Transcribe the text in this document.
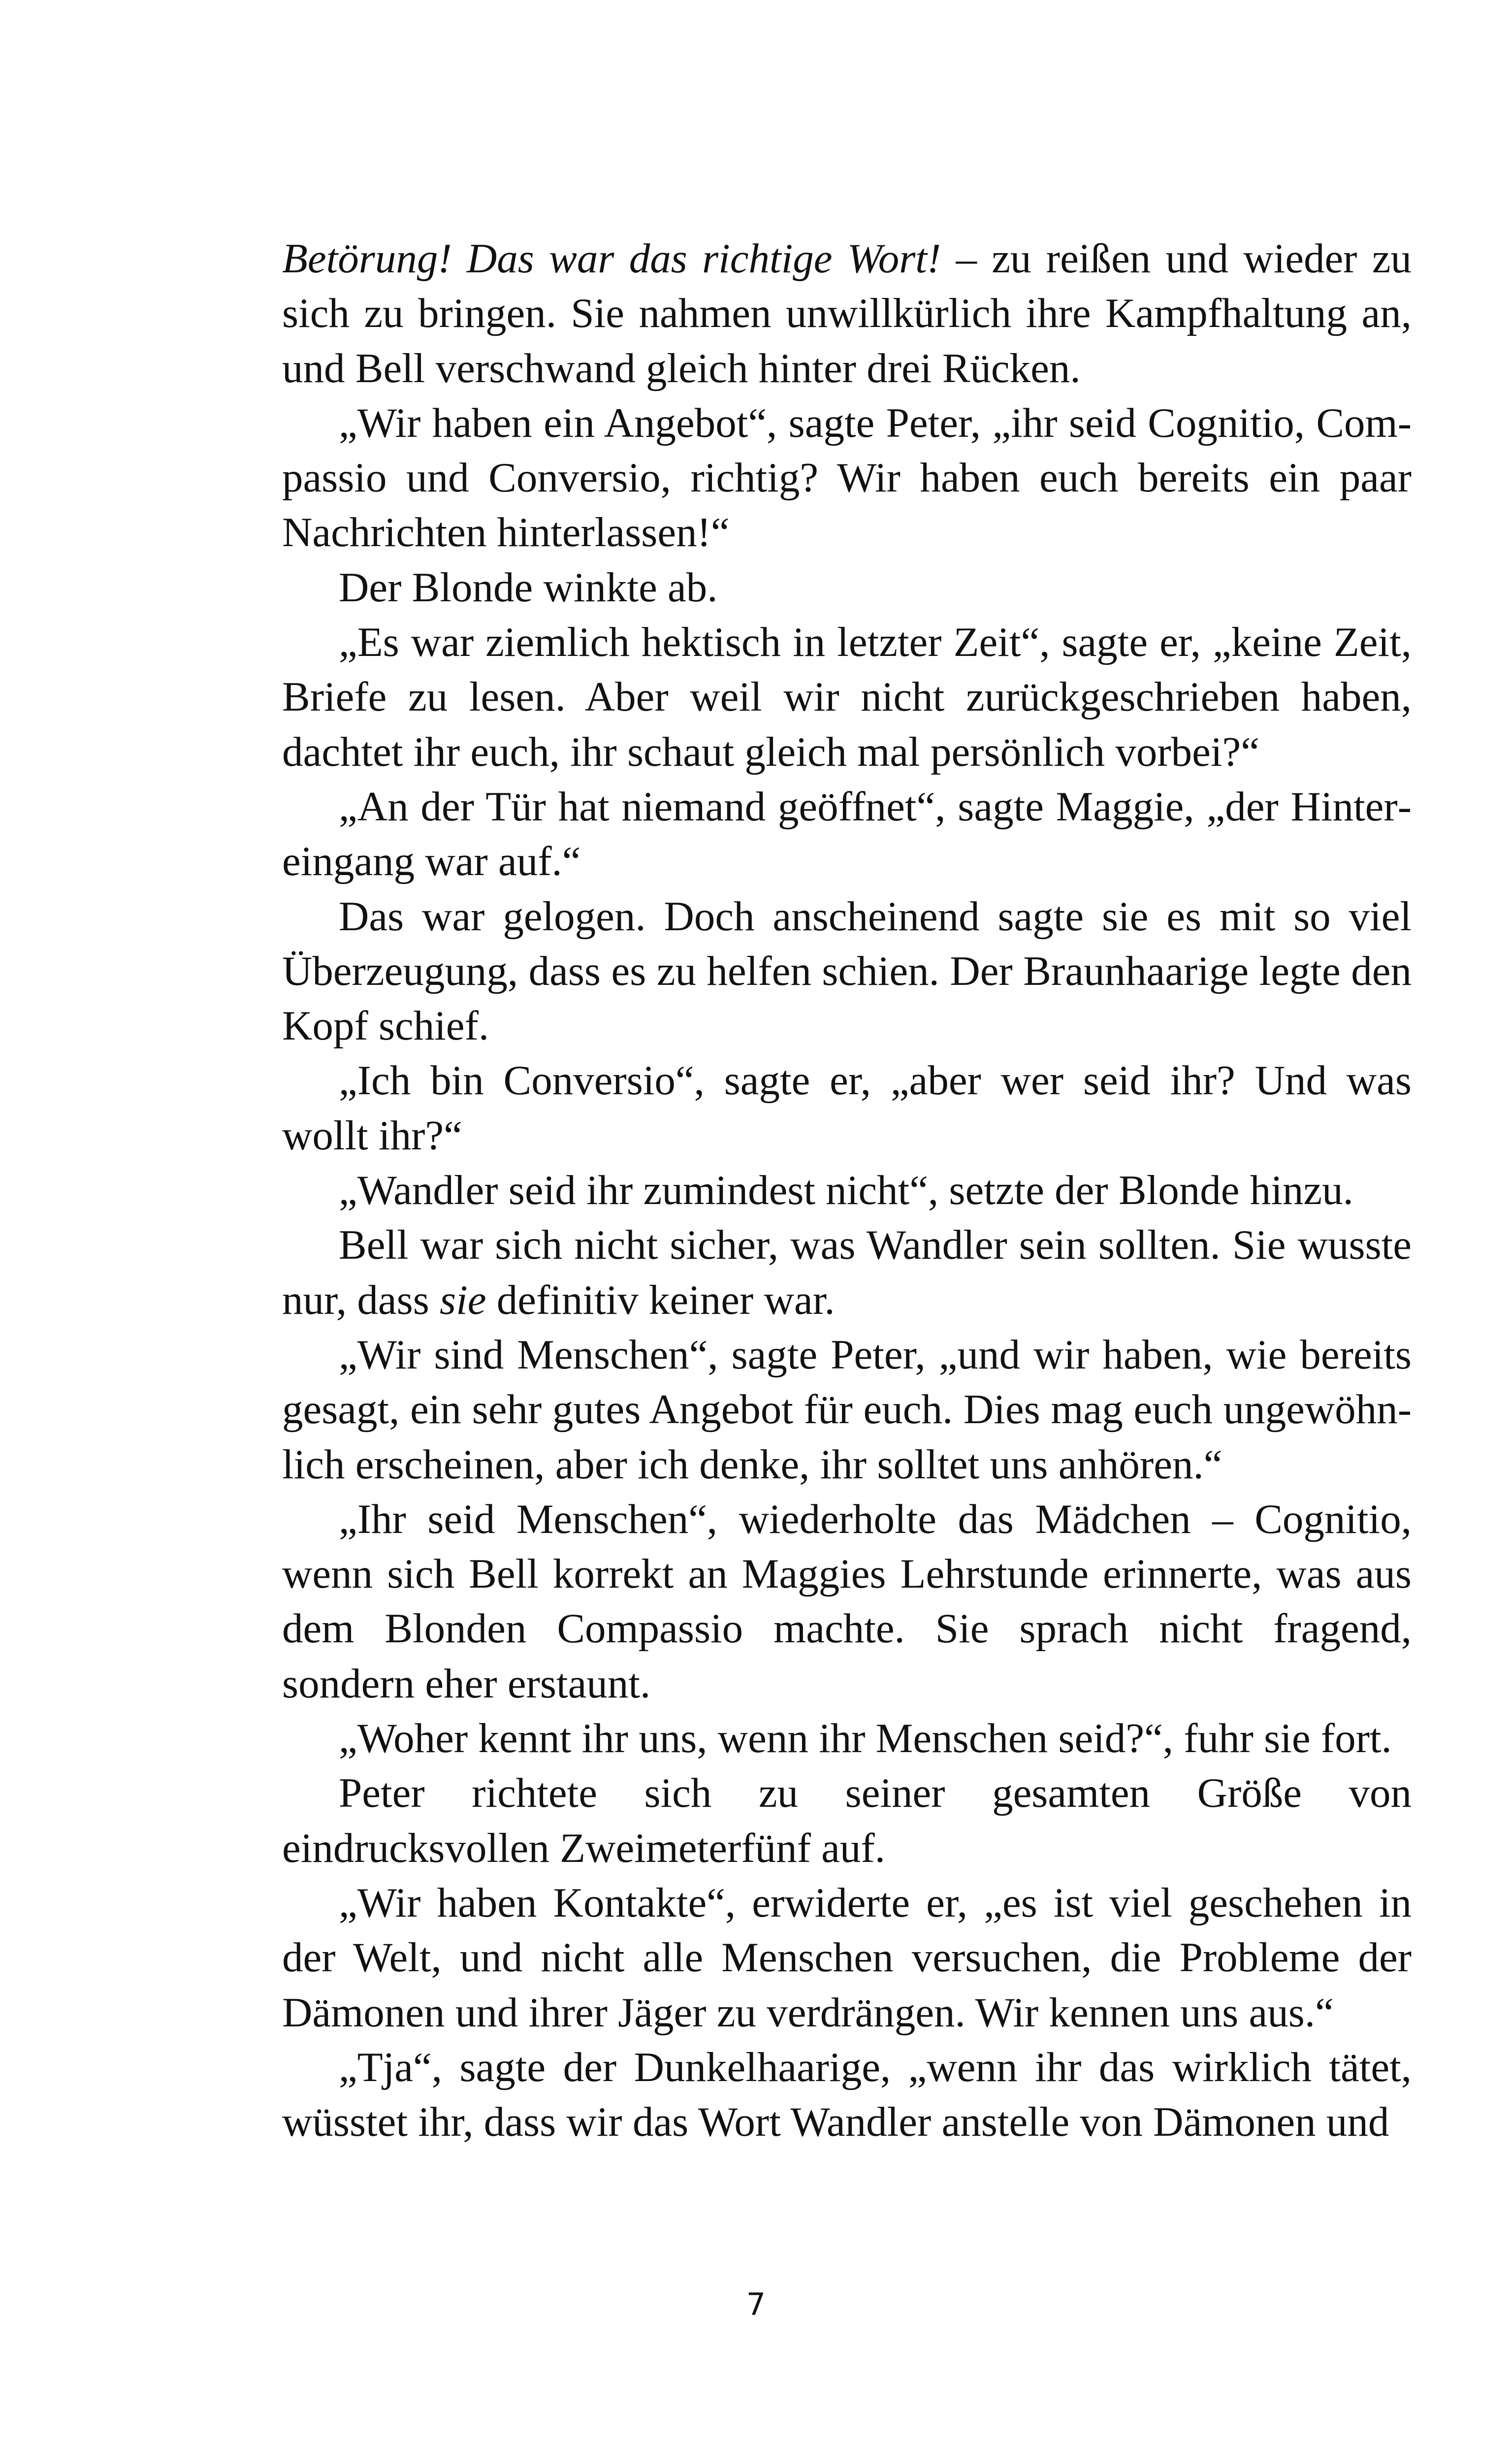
Betörung! Das war das richtige Wort! – zu reißen und wieder zu sich zu bringen. Sie nahmen unwillkürlich ihre Kampfhaltung an, und Bell verschwand gleich hinter drei Rücken.

„Wir haben ein Angebot“, sagte Peter, „ihr seid Cognitio, Compassio und Conversio, richtig? Wir haben euch bereits ein paar Nachrichten hinterlassen!“

Der Blonde winkte ab.

„Es war ziemlich hektisch in letzter Zeit“, sagte er, „keine Zeit, Briefe zu lesen. Aber weil wir nicht zurückgeschrieben haben, dachtet ihr euch, ihr schaut gleich mal persönlich vorbei?“

„An der Tür hat niemand geöffnet“, sagte Maggie, „der Hintereingang war auf.“

Das war gelogen. Doch anscheinend sagte sie es mit so viel Überzeugung, dass es zu helfen schien. Der Braunhaarige legte den Kopf schief.

„Ich bin Conversio“, sagte er, „aber wer seid ihr? Und was wollt ihr?“

„Wandler seid ihr zumindest nicht“, setzte der Blonde hinzu.

Bell war sich nicht sicher, was Wandler sein sollten. Sie wusste nur, dass sie definitiv keiner war.

„Wir sind Menschen“, sagte Peter, „und wir haben, wie bereits gesagt, ein sehr gutes Angebot für euch. Dies mag euch ungewöhnlich erscheinen, aber ich denke, ihr solltet uns anhören.“

„Ihr seid Menschen“, wiederholte das Mädchen – Cognitio, wenn sich Bell korrekt an Maggies Lehrstunde erinnerte, was aus dem Blonden Compassio machte. Sie sprach nicht fragend, sondern eher erstaunt.

„Woher kennt ihr uns, wenn ihr Menschen seid?“, fuhr sie fort.

Peter richtete sich zu seiner gesamten Größe von eindrucksvollen Zweimeterfünf auf.

„Wir haben Kontakte“, erwiderte er, „es ist viel geschehen in der Welt, und nicht alle Menschen versuchen, die Probleme der Dämonen und ihrer Jäger zu verdrängen. Wir kennen uns aus.“

„Tja“, sagte der Dunkelhaarige, „wenn ihr das wirklich tätet, wüsstet ihr, dass wir das Wort Wandler anstelle von Dämonen und

7
